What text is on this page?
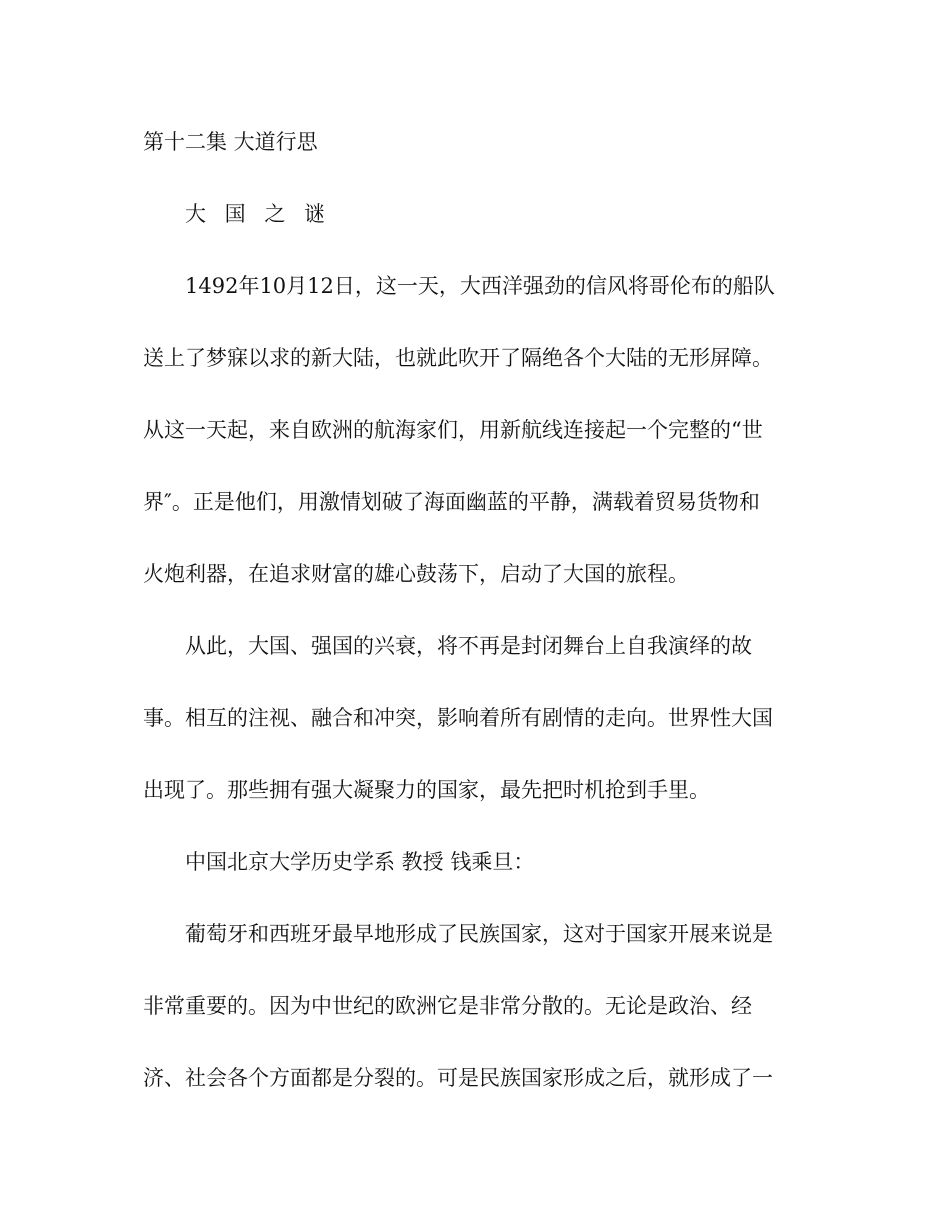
第十二集 大道行思
大 国 之 谜
1492年10月12日，这一天，大西洋强劲的信风将哥伦布的船队
送上了梦寐以求的新大陆，也就此吹开了隔绝各个大陆的无形屏障。
从这一天起，来自欧洲的航海家们，用新航线连接起一个完整的“世
界″。正是他们，用激情划破了海面幽蓝的平静，满载着贸易货物和
火炮利器，在追求财富的雄心鼓荡下，启动了大国的旅程。
从此，大国、强国的兴衰，将不再是封闭舞台上自我演绎的故
事。相互的注视、融合和冲突，影响着所有剧情的走向。世界性大国
出现了。那些拥有强大凝聚力的国家，最先把时机抢到手里。
中国北京大学历史学系 教授 钱乘旦：
葡萄牙和西班牙最早地形成了民族国家，这对于国家开展来说是
非常重要的。因为中世纪的欧洲它是非常分散的。无论是政治、经
济、社会各个方面都是分裂的。可是民族国家形成之后，就形成了一
